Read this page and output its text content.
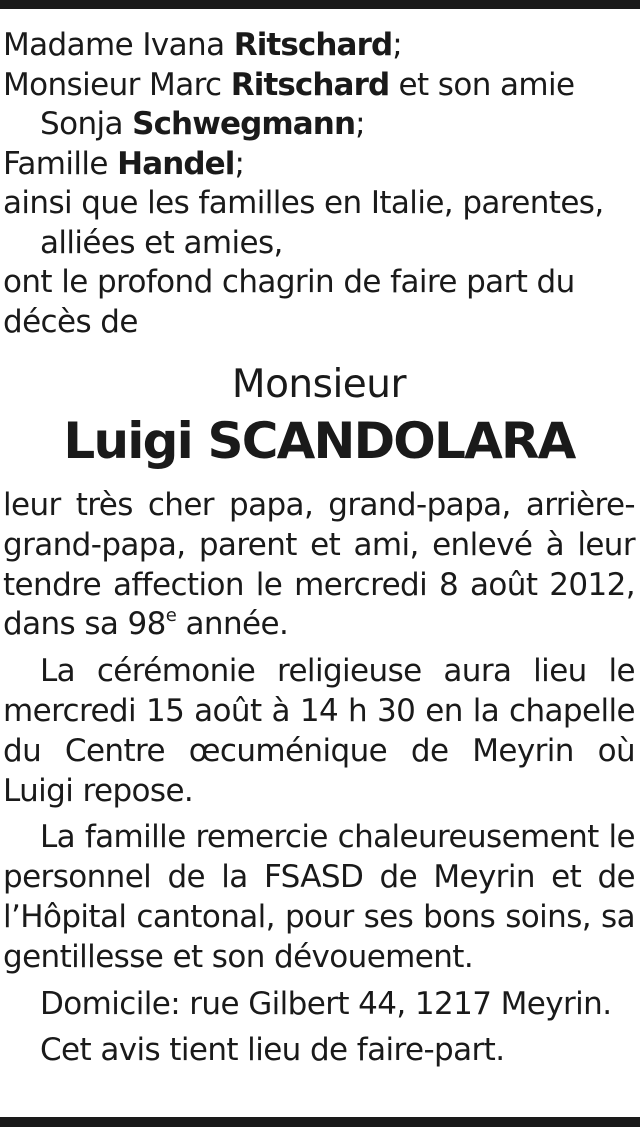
Madame Ivana Ritschard;
Monsieur Marc Ritschard et son amie
Sonja Schwegmann;
Famille Handel;
ainsi que les familles en Italie, parentes,
alliées et amies,
ont le profond chagrin de faire part du
décès de
Monsieur
Luigi SCANDOLARA

leur très cher papa, grand-papa, arrière-grand-papa, parent et ami, enlevé à leur tendre affection le mercredi 8 août 2012, dans sa 98e année.

La cérémonie religieuse aura lieu le mercredi 15 août à 14 h 30 en la chapelle du Centre œcuménique de Meyrin où Luigi repose.

La famille remercie chaleureusement le personnel de la FSASD de Meyrin et de l’Hôpital cantonal, pour ses bons soins, sa gentillesse et son dévouement.

Domicile: rue Gilbert 44, 1217 Meyrin.

Cet avis tient lieu de faire-part.
